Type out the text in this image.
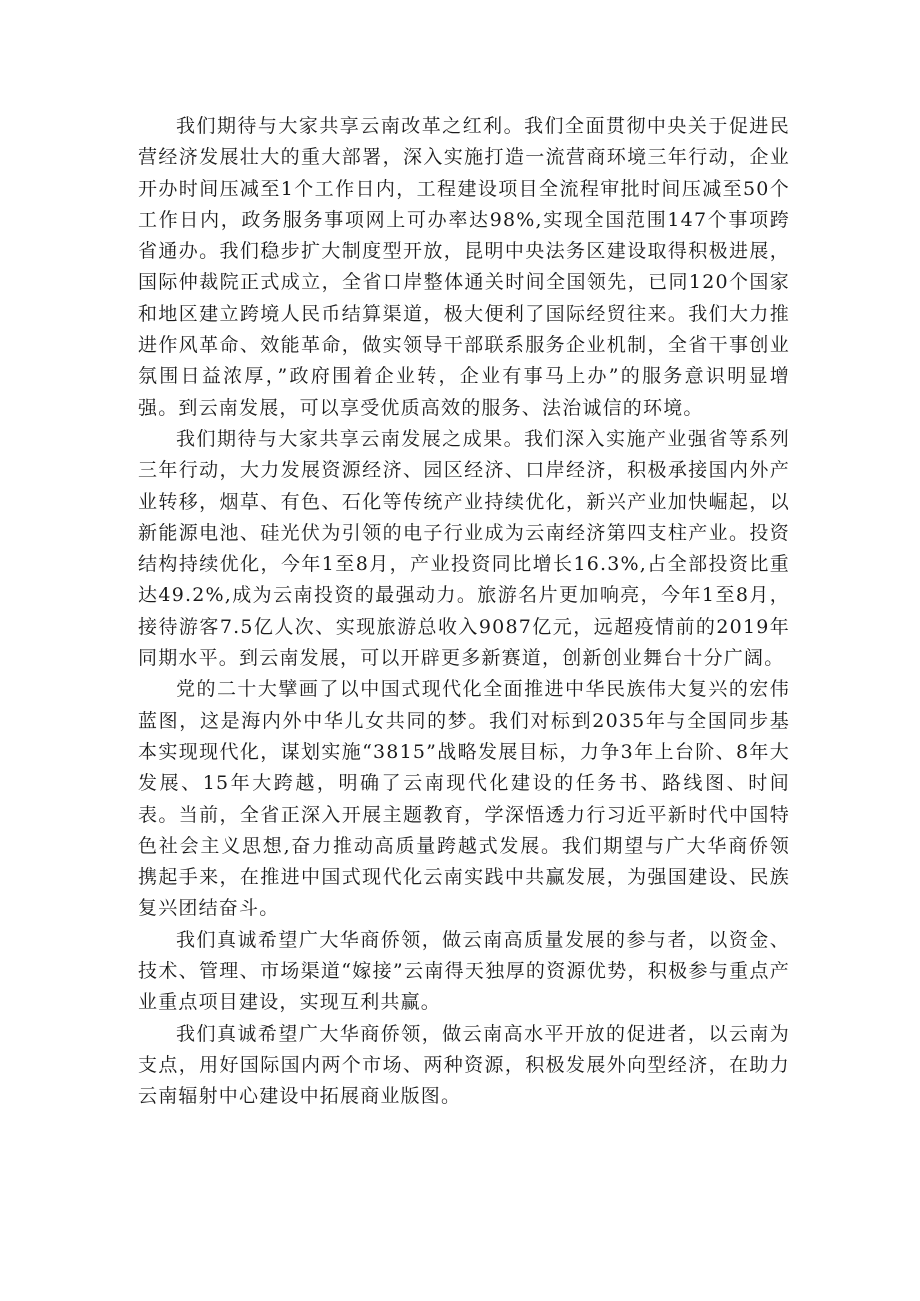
我们期待与大家共享云南改革之红利。我们全面贯彻中央关于促进民营经济发展壮大的重大部署，深入实施打造一流营商环境三年行动，企业开办时间压减至1个工作日内，工程建设项目全流程审批时间压减至50个工作日内，政务服务事项网上可办率达98%,实现全国范围147个事项跨省通办。我们稳步扩大制度型开放，昆明中央法务区建设取得积极进展，国际仲裁院正式成立，全省口岸整体通关时间全国领先，已同120个国家和地区建立跨境人民币结算渠道，极大便利了国际经贸往来。我们大力推进作风革命、效能革命，做实领导干部联系服务企业机制，全省干事创业氛围日益浓厚，”政府围着企业转，企业有事马上办”的服务意识明显增强。到云南发展，可以享受优质高效的服务、法治诚信的环境。

我们期待与大家共享云南发展之成果。我们深入实施产业强省等系列三年行动，大力发展资源经济、园区经济、口岸经济，积极承接国内外产业转移，烟草、有色、石化等传统产业持续优化，新兴产业加快崛起，以新能源电池、硅光伏为引领的电子行业成为云南经济第四支柱产业。投资结构持续优化，今年1至8月，产业投资同比增长16.3%,占全部投资比重达49.2%,成为云南投资的最强动力。旅游名片更加响亮，今年1至8月，接待游客7.5亿人次、实现旅游总收入9087亿元，远超疫情前的2019年同期水平。到云南发展，可以开辟更多新赛道，创新创业舞台十分广阔。

党的二十大擘画了以中国式现代化全面推进中华民族伟大复兴的宏伟蓝图，这是海内外中华儿女共同的梦。我们对标到2035年与全国同步基本实现现代化，谋划实施“3815”战略发展目标，力争3年上台阶、8年大发展、15年大跨越，明确了云南现代化建设的任务书、路线图、时间表。当前，全省正深入开展主题教育，学深悟透力行习近平新时代中国特色社会主义思想,奋力推动高质量跨越式发展。我们期望与广大华商侨领携起手来，在推进中国式现代化云南实践中共赢发展，为强国建设、民族复兴团结奋斗。

我们真诚希望广大华商侨领，做云南高质量发展的参与者，以资金、技术、管理、市场渠道“嫁接”云南得天独厚的资源优势，积极参与重点产业重点项目建设，实现互利共赢。

我们真诚希望广大华商侨领，做云南高水平开放的促进者，以云南为支点，用好国际国内两个市场、两种资源，积极发展外向型经济，在助力云南辐射中心建设中拓展商业版图。
